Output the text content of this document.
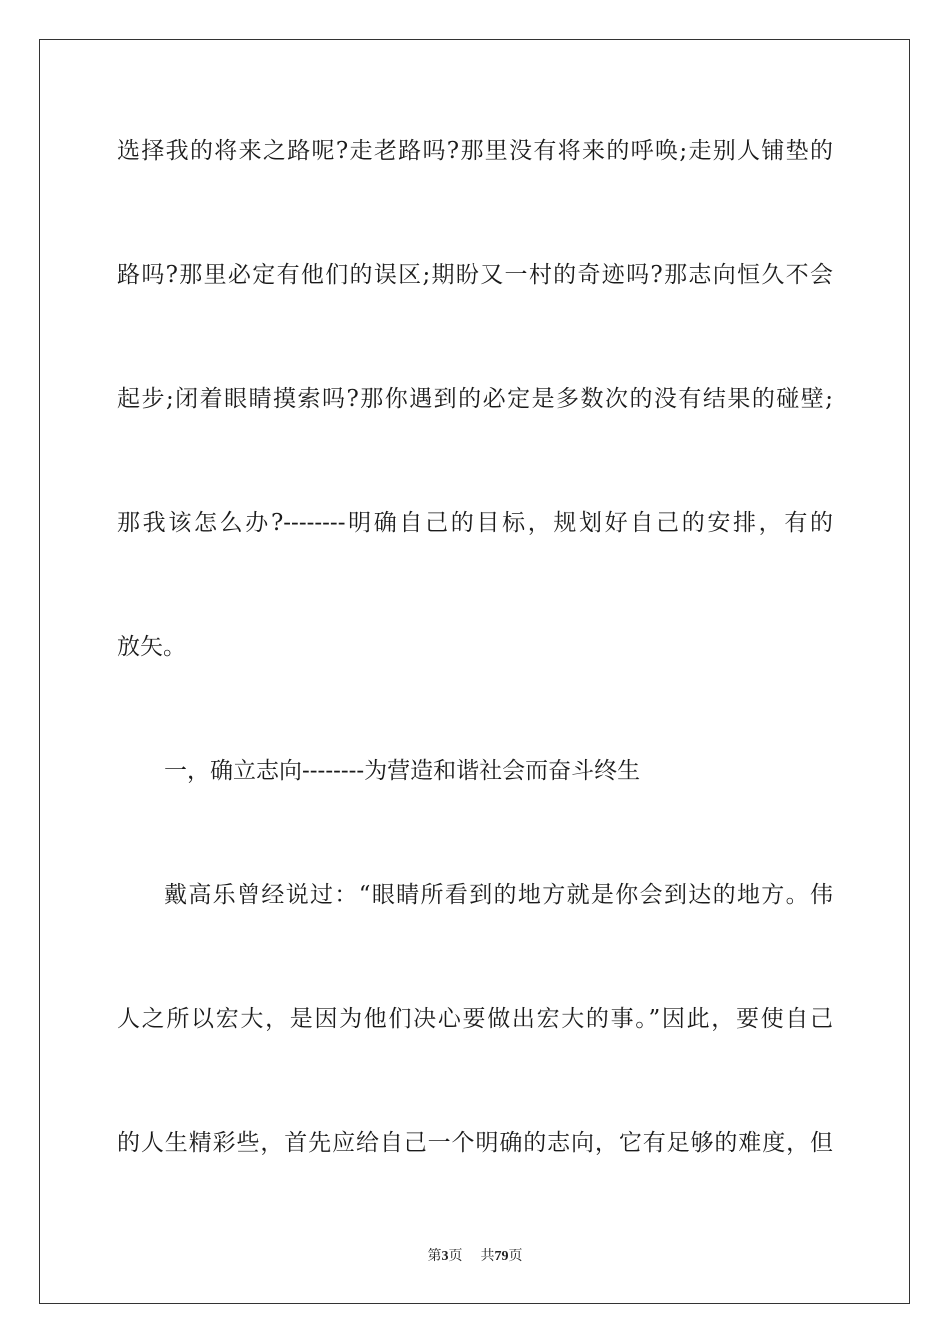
选择我的将来之路呢?走老路吗?那里没有将来的呼唤;走别人铺垫的
路吗?那里必定有他们的误区;期盼又一村的奇迹吗?那志向恒久不会
起步;闭着眼睛摸索吗?那你遇到的必定是多数次的没有结果的碰壁;
那我该怎么办?--------明确自己的目标，规划好自己的安排，有的
放矢。
一，确立志向--------为营造和谐社会而奋斗终生
戴高乐曾经说过：“眼睛所看到的地方就是你会到达的地方。伟
人之所以宏大，是因为他们决心要做出宏大的事。”因此，要使自己
的人生精彩些，首先应给自己一个明确的志向，它有足够的难度，但
第3页 共79页
